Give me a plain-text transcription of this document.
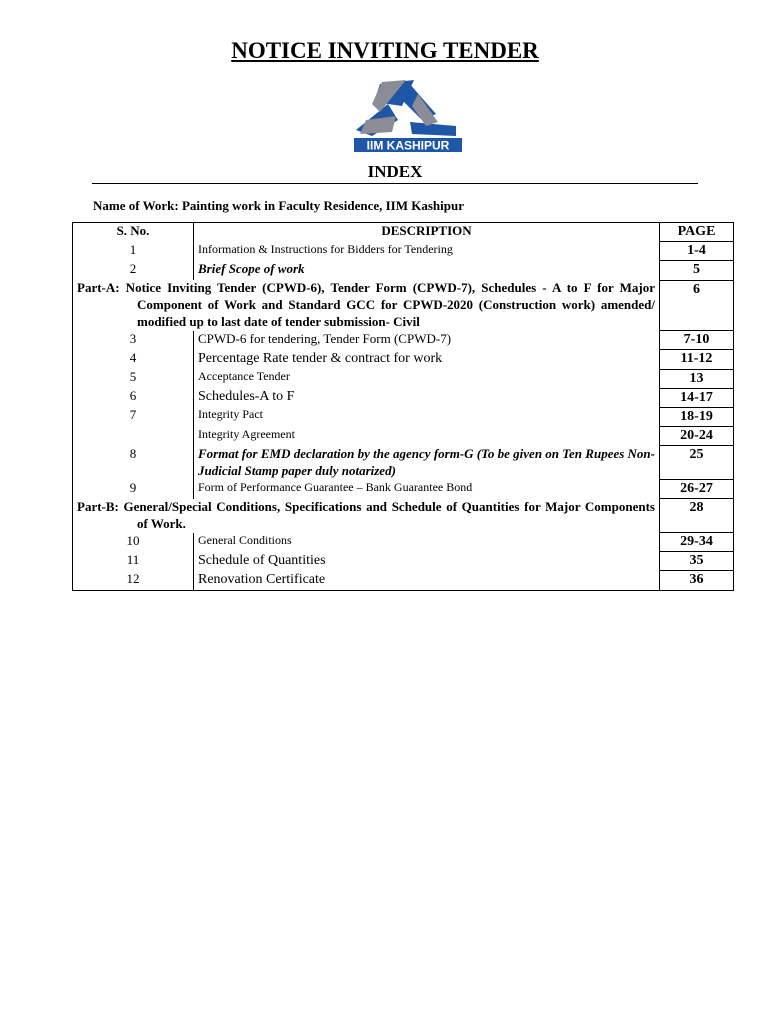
NOTICE INVITING TENDER
IIM KASHIPUR
INDEX
Name of Work: Painting work in Faculty Residence, IIM Kashipur
S. No.	DESCRIPTION	PAGE
1	Information & Instructions for Bidders for Tendering	1-4
2	Brief Scope of work	5
Part-A: Notice Inviting Tender (CPWD-6), Tender Form (CPWD-7), Schedules - A to F for Major Component of Work and Standard GCC for CPWD-2020 (Construction work) amended/ modified up to last date of tender submission- Civil		6
3	CPWD-6 for tendering, Tender Form (CPWD-7)	7-10
4	Percentage Rate tender & contract for work	11-12
5	Acceptance Tender	13
6	Schedules-A to F	14-17
7	Integrity Pact	18-19
	Integrity Agreement	20-24
8	Format for EMD declaration by the agency form-G (To be given on Ten Rupees Non-Judicial Stamp paper duly notarized)	25
9	Form of Performance Guarantee – Bank Guarantee Bond	26-27
Part-B: General/Special Conditions, Specifications and Schedule of Quantities for Major Components of Work.		28
10	General Conditions	29-34
11	Schedule of Quantities	35
12	Renovation Certificate	36
